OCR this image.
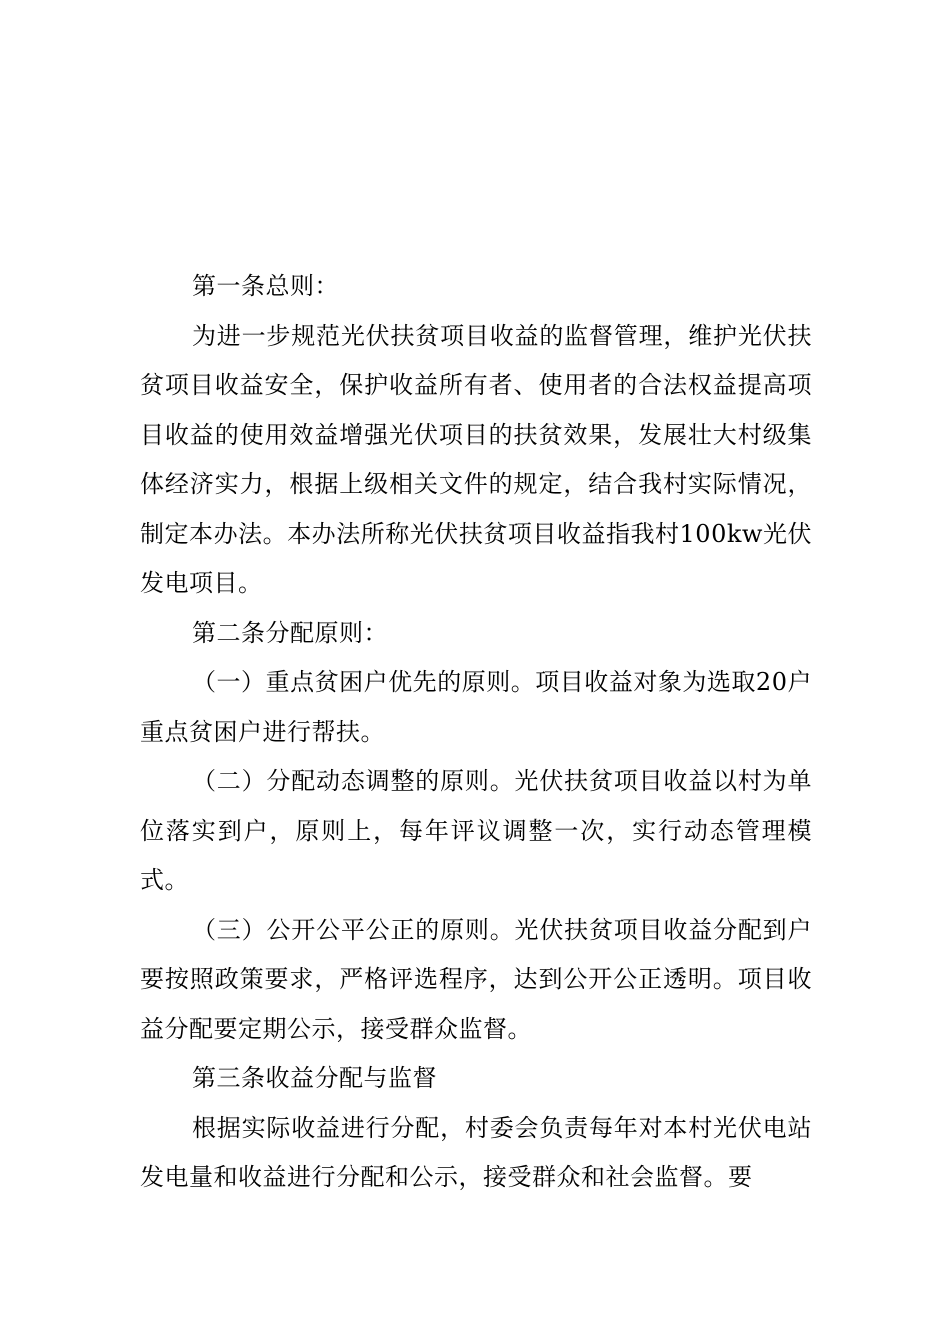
第一条总则：

为进一步规范光伏扶贫项目收益的监督管理，维护光伏扶贫项目收益安全，保护收益所有者、使用者的合法权益提高项目收益的使用效益增强光伏项目的扶贫效果，发展壮大村级集体经济实力，根据上级相关文件的规定，结合我村实际情况，制定本办法。本办法所称光伏扶贫项目收益指我村100kw光伏发电项目。

第二条分配原则：

（一）重点贫困户优先的原则。项目收益对象为选取20户重点贫困户进行帮扶。

（二）分配动态调整的原则。光伏扶贫项目收益以村为单位落实到户，原则上，每年评议调整一次，实行动态管理模式。

（三）公开公平公正的原则。光伏扶贫项目收益分配到户要按照政策要求，严格评选程序，达到公开公正透明。项目收益分配要定期公示，接受群众监督。

第三条收益分配与监督

根据实际收益进行分配，村委会负责每年对本村光伏电站发电量和收益进行分配和公示，接受群众和社会监督。要
